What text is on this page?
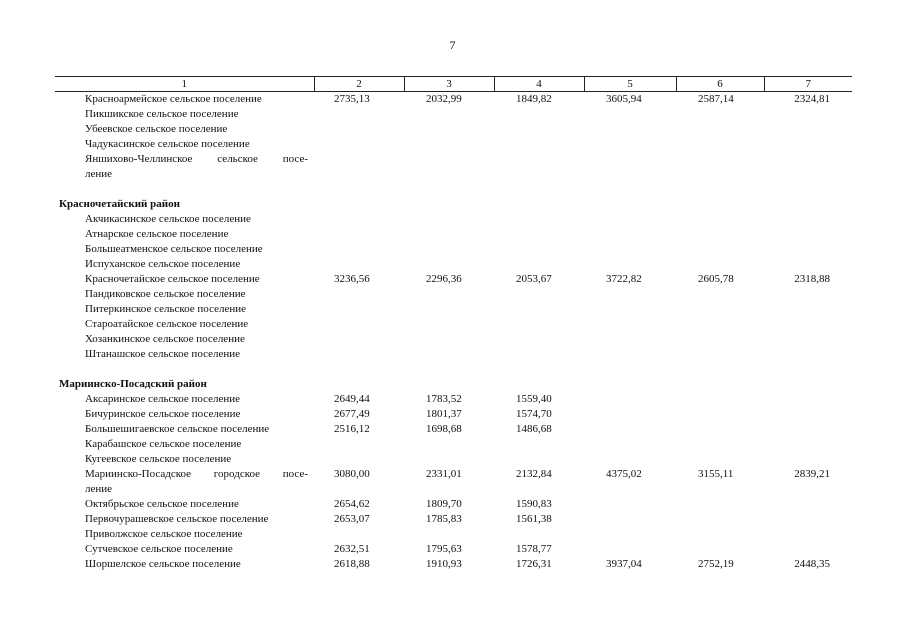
7
1	2	3	4	5	6	7
Красноармейское сельское поселение	2735,13	2032,99	1849,82	3605,94	2587,14	2324,81
Пикшикское сельское поселение						
Убеевское сельское поселение						
Чадукасинское сельское поселение						
Яншихово-Челлинское сельское посе-						
ление						

Красночетайский район						
Акчикасинское сельское поселение						
Атнарское сельское поселение						
Большеатменское сельское поселение						
Испуханское сельское поселение						
Красночетайское сельское поселение	3236,56	2296,36	2053,67	3722,82	2605,78	2318,88
Пандиковское сельское поселение						
Питеркинское сельское поселение						
Староатайское сельское поселение						
Хозанкинское сельское поселение						
Штанашское сельское поселение						

Мариинско-Посадский район						
Аксаринское сельское поселение	2649,44	1783,52	1559,40			
Бичуринское сельское поселение	2677,49	1801,37	1574,70			
Большешигаевское сельское поселение	2516,12	1698,68	1486,68			
Карабашское сельское поселение						
Кугеевское сельское поселение						
Мариинско-Посадское городское посе-	3080,00	2331,01	2132,84	4375,02	3155,11	2839,21
ление						
Октябрьское сельское поселение	2654,62	1809,70	1590,83			
Первочурашевское сельское поселение	2653,07	1785,83	1561,38			
Приволжское сельское поселение						
Сутчевское сельское поселение	2632,51	1795,63	1578,77			
Шоршелское сельское поселение	2618,88	1910,93	1726,31	3937,04	2752,19	2448,35
